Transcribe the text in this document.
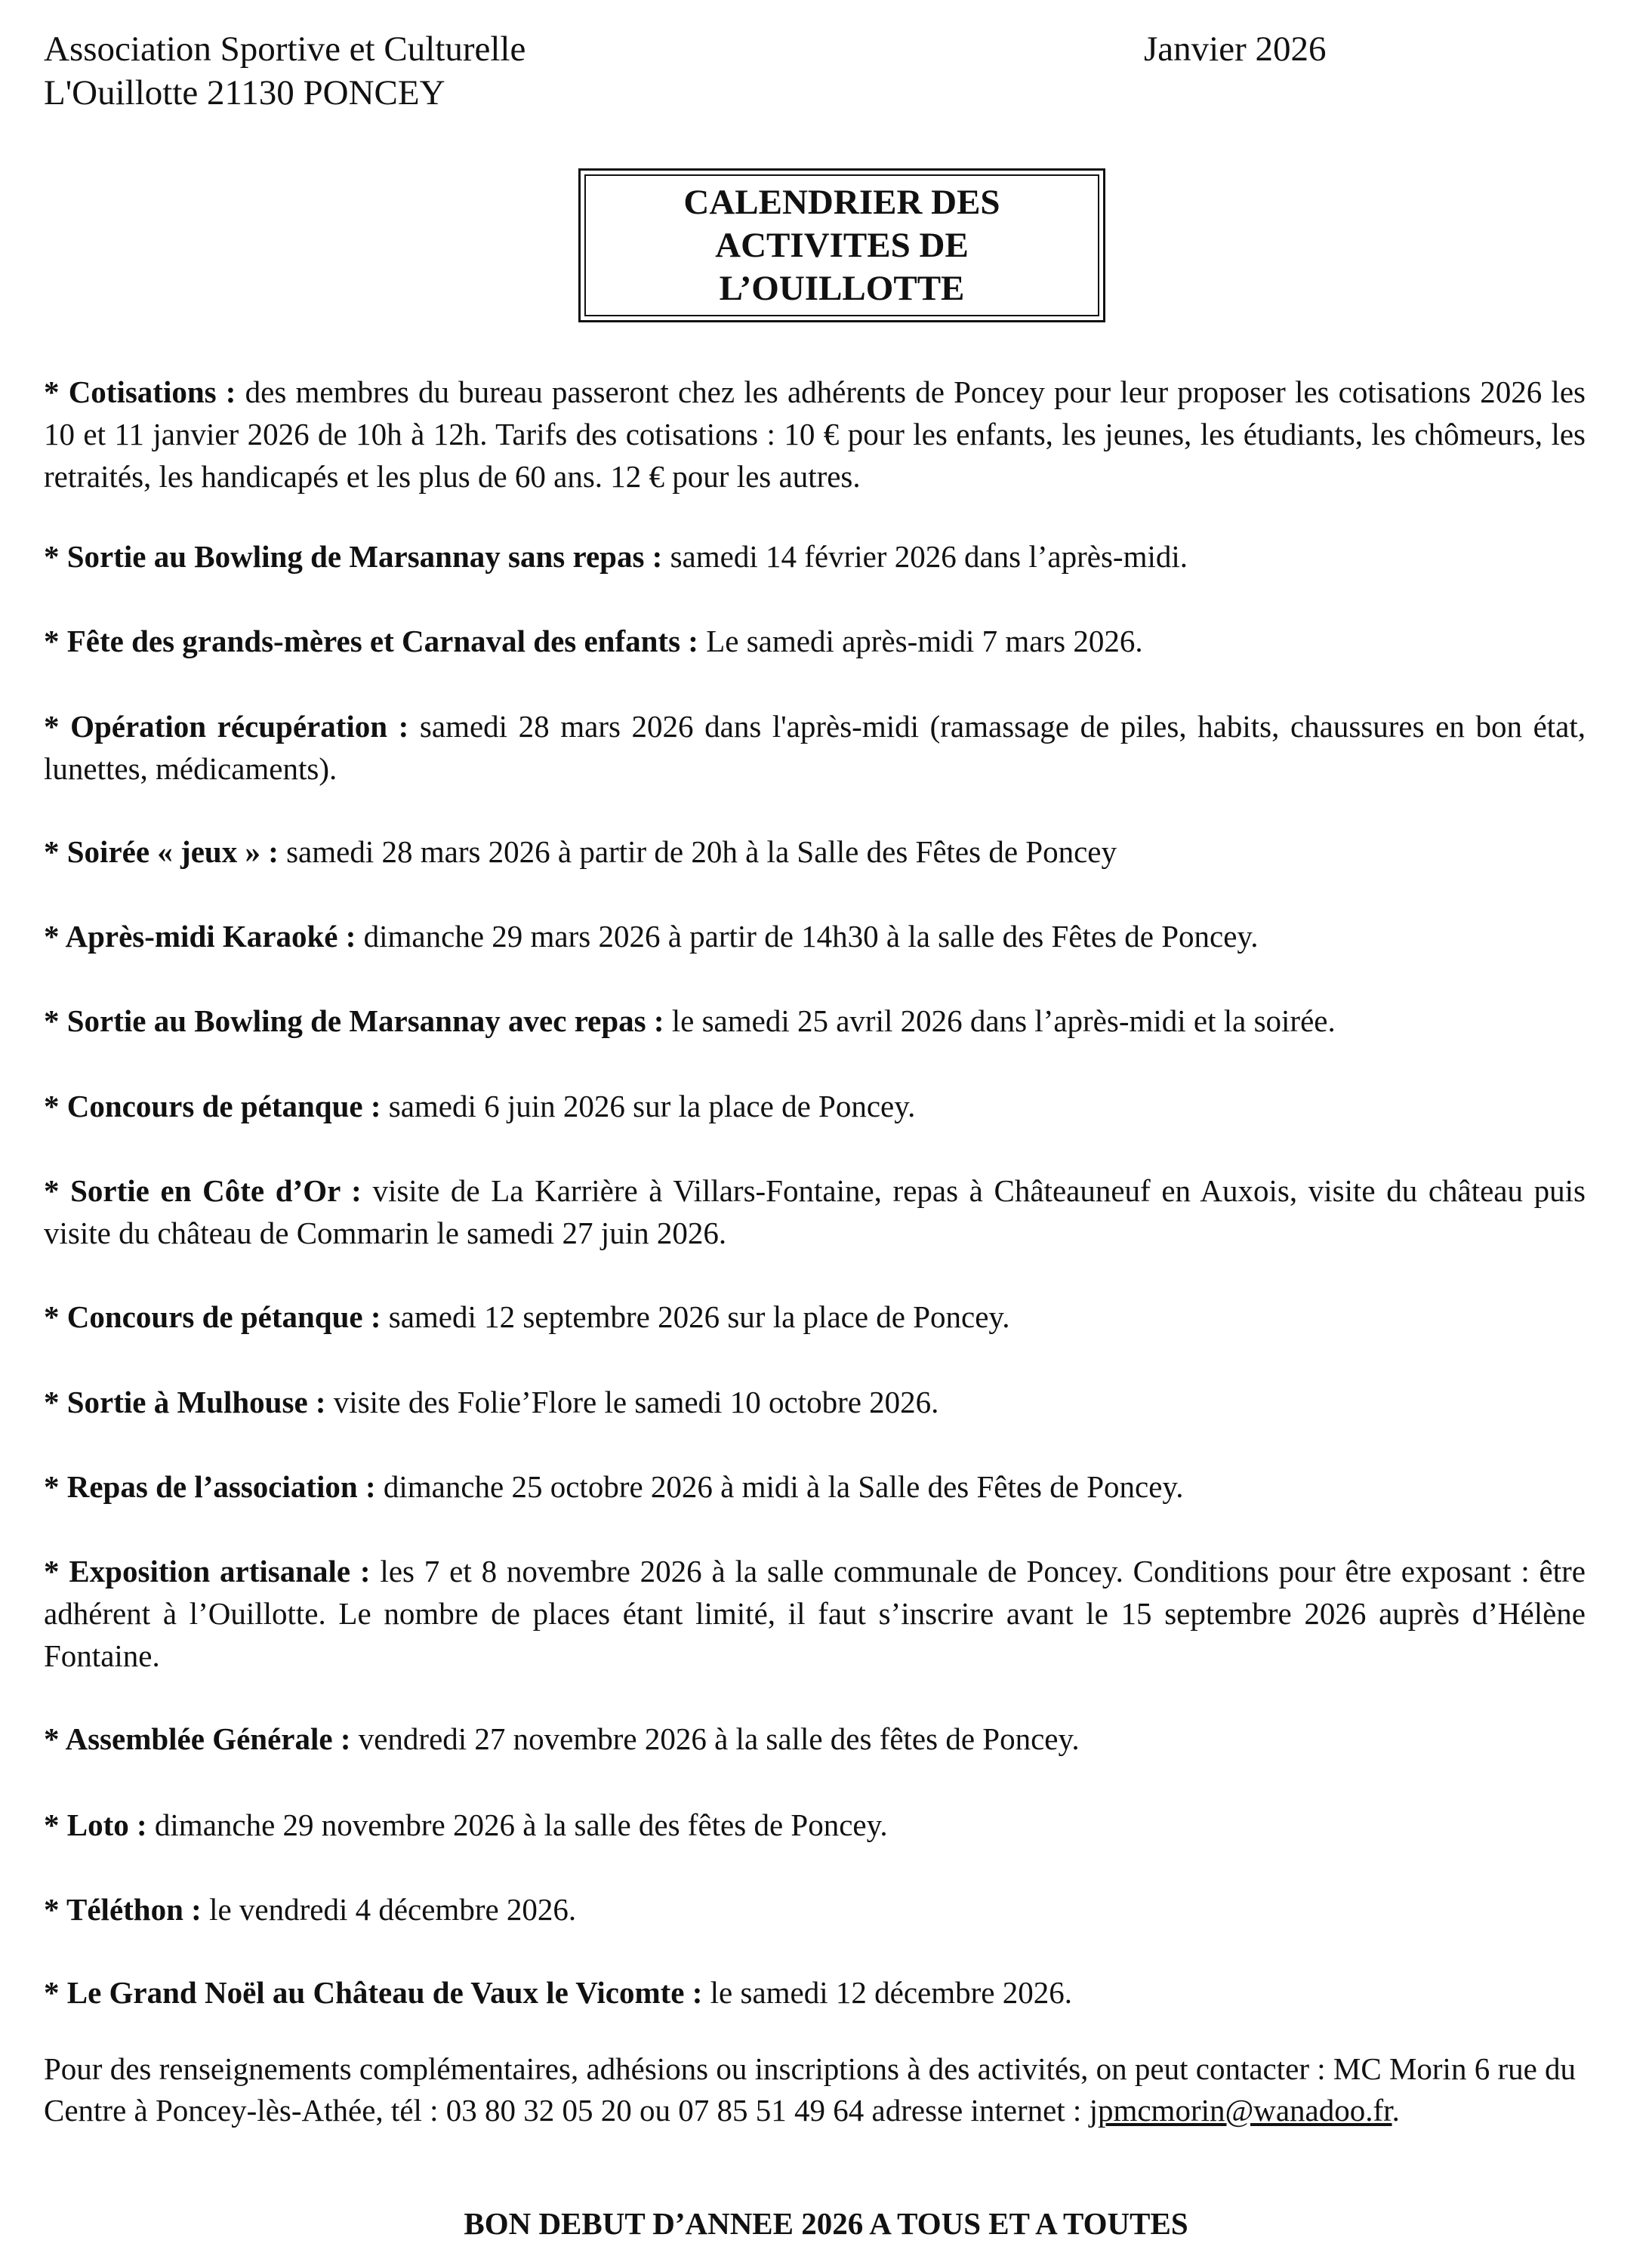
Association Sportive et Culturelle
L'Ouillotte 21130 PONCEY
Janvier 2026
CALENDRIER DES
ACTIVITES DE
L’OUILLOTTE
* Cotisations : des membres du bureau passeront chez les adhérents de Poncey pour leur proposer les cotisations 2026 les 10 et 11 janvier 2026 de 10h à 12h. Tarifs des cotisations : 10 € pour les enfants, les jeunes, les étudiants, les chômeurs, les retraités, les handicapés et les plus de 60 ans. 12 € pour les autres.
* Sortie au Bowling de Marsannay sans repas : samedi 14 février 2026 dans l’après-midi.
* Fête des grands-mères et Carnaval des enfants : Le samedi après-midi 7 mars 2026.
* Opération récupération : samedi 28 mars 2026 dans l'après-midi (ramassage de piles, habits, chaussures en bon état, lunettes, médicaments).
* Soirée « jeux » : samedi 28 mars 2026 à partir de 20h à la Salle des Fêtes de Poncey
* Après-midi Karaoké : dimanche 29 mars 2026 à partir de 14h30 à la salle des Fêtes de Poncey.
* Sortie au Bowling de Marsannay avec repas : le samedi 25 avril 2026 dans l’après-midi et la soirée.
* Concours de pétanque : samedi 6 juin 2026 sur la place de Poncey.
* Sortie en Côte d’Or : visite de La Karrière à Villars-Fontaine, repas à Châteauneuf en Auxois, visite du château puis visite du château de Commarin le samedi 27 juin 2026.
* Concours de pétanque : samedi 12 septembre 2026 sur la place de Poncey.
* Sortie à Mulhouse : visite des Folie’Flore le samedi 10 octobre 2026.
* Repas de l’association : dimanche 25 octobre 2026 à midi à la Salle des Fêtes de Poncey.
* Exposition artisanale : les 7 et 8 novembre 2026 à la salle communale de Poncey. Conditions pour être exposant : être adhérent à l’Ouillotte. Le nombre de places étant limité, il faut s’inscrire avant le 15 septembre 2026 auprès d’Hélène Fontaine.
* Assemblée Générale : vendredi 27 novembre 2026 à la salle des fêtes de Poncey.
* Loto : dimanche 29 novembre 2026 à la salle des fêtes de Poncey.
* Téléthon : le vendredi 4 décembre 2026.
* Le Grand Noël au Château de Vaux le Vicomte : le samedi 12 décembre 2026.
Pour des renseignements complémentaires, adhésions ou inscriptions à des activités, on peut contacter : MC Morin 6 rue du Centre à Poncey-lès-Athée, tél : 03 80 32 05 20 ou 07 85 51 49 64 adresse internet : jpmcmorin@wanadoo.fr.
BON DEBUT D’ANNEE 2026 A TOUS ET A TOUTES
